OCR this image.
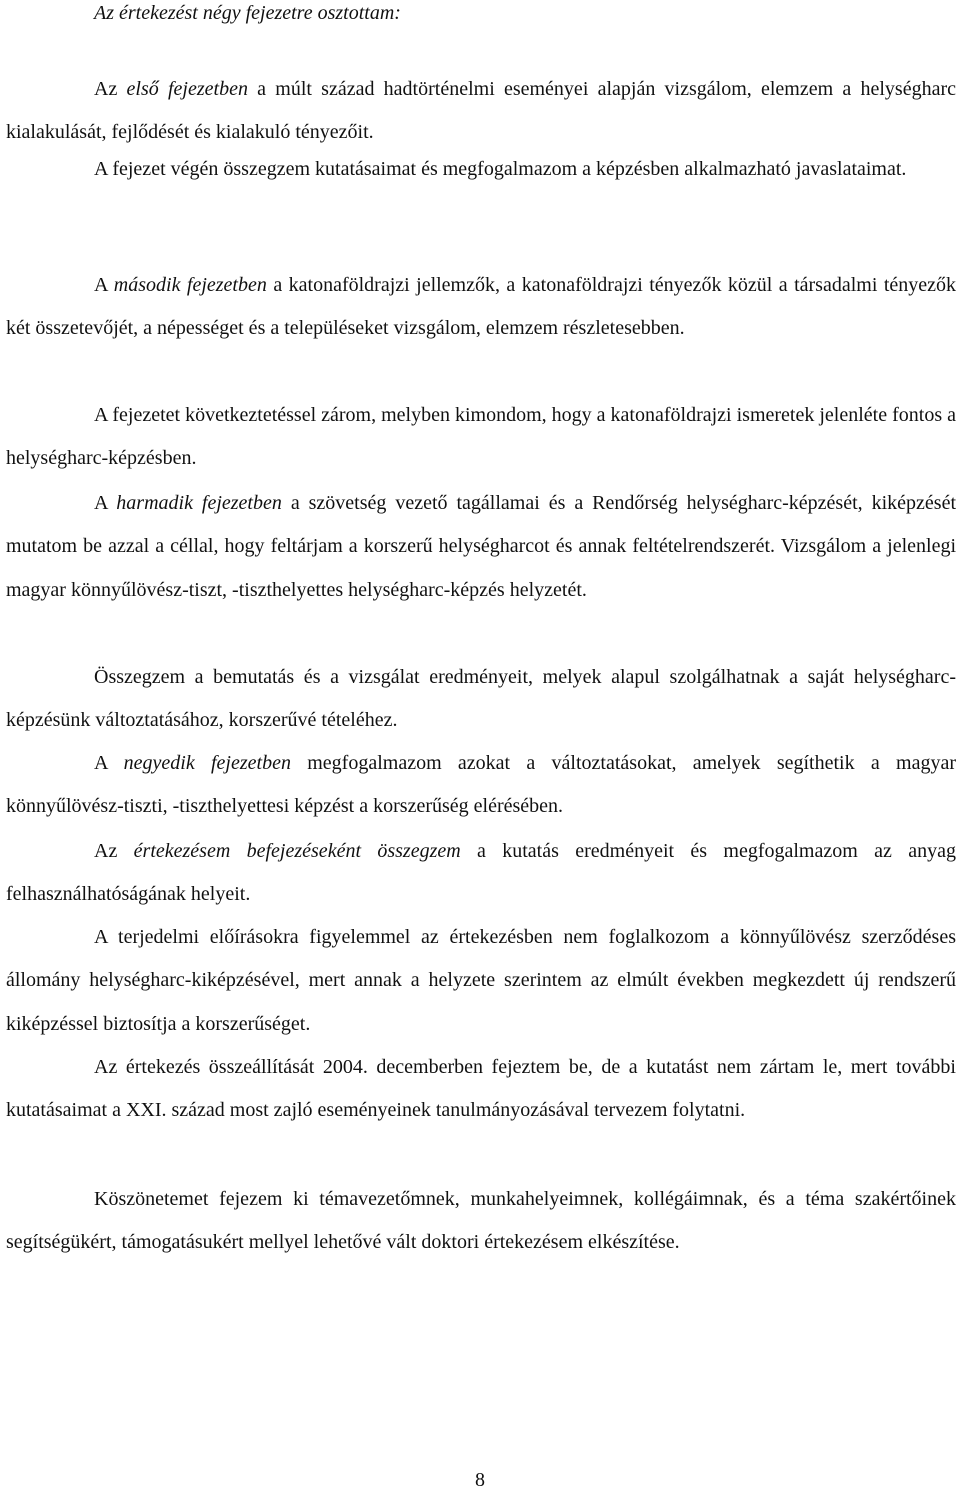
Az értekezést négy fejezetre osztottam:

Az első fejezetben a múlt század hadtörténelmi eseményei alapján vizsgálom, elemzem a helységharc kialakulását, fejlődését és kialakuló tényezőit.

A fejezet végén összegzem kutatásaimat és megfogalmazom a képzésben alkalmazható javaslataimat.

A második fejezetben a katonaföldrajzi jellemzők, a katonaföldrajzi tényezők közül a társadalmi tényezők két összetevőjét, a népességet és a településeket vizsgálom, elemzem részletesebben.

A fejezetet következtetéssel zárom, melyben kimondom, hogy a katonaföldrajzi ismeretek jelenléte fontos a helységharc-képzésben.

A harmadik fejezetben a szövetség vezető tagállamai és a Rendőrség helységharc-képzését, kiképzését mutatom be azzal a céllal, hogy feltárjam a korszerű helységharcot és annak feltételrendszerét. Vizsgálom a jelenlegi magyar könnyűlövész-tiszt, -tiszthelyettes helységharc-képzés helyzetét.

Összegzem a bemutatás és a vizsgálat eredményeit, melyek alapul szolgálhatnak a saját helységharc-képzésünk változtatásához, korszerűvé tételéhez.

A negyedik fejezetben megfogalmazom azokat a változtatásokat, amelyek segíthetik a magyar könnyűlövész-tiszti, -tiszthelyettesi képzést a korszerűség elérésében.

Az értekezésem befejezéseként összegzem a kutatás eredményeit és megfogalmazom az anyag felhasználhatóságának helyeit.

A terjedelmi előírásokra figyelemmel az értekezésben nem foglalkozom a könnyűlövész szerződéses állomány helységharc-kiképzésével, mert annak a helyzete szerintem az elmúlt években megkezdett új rendszerű kiképzéssel biztosítja a korszerűséget.

Az értekezés összeállítását 2004. decemberben fejeztem be, de a kutatást nem zártam le, mert további kutatásaimat a XXI. század most zajló eseményeinek tanulmányozásával tervezem folytatni.

Köszönetemet fejezem ki témavezetőmnek, munkahelyeimnek, kollégáimnak, és a téma szakértőinek segítségükért, támogatásukért mellyel lehetővé vált doktori értekezésem elkészítése.

8
